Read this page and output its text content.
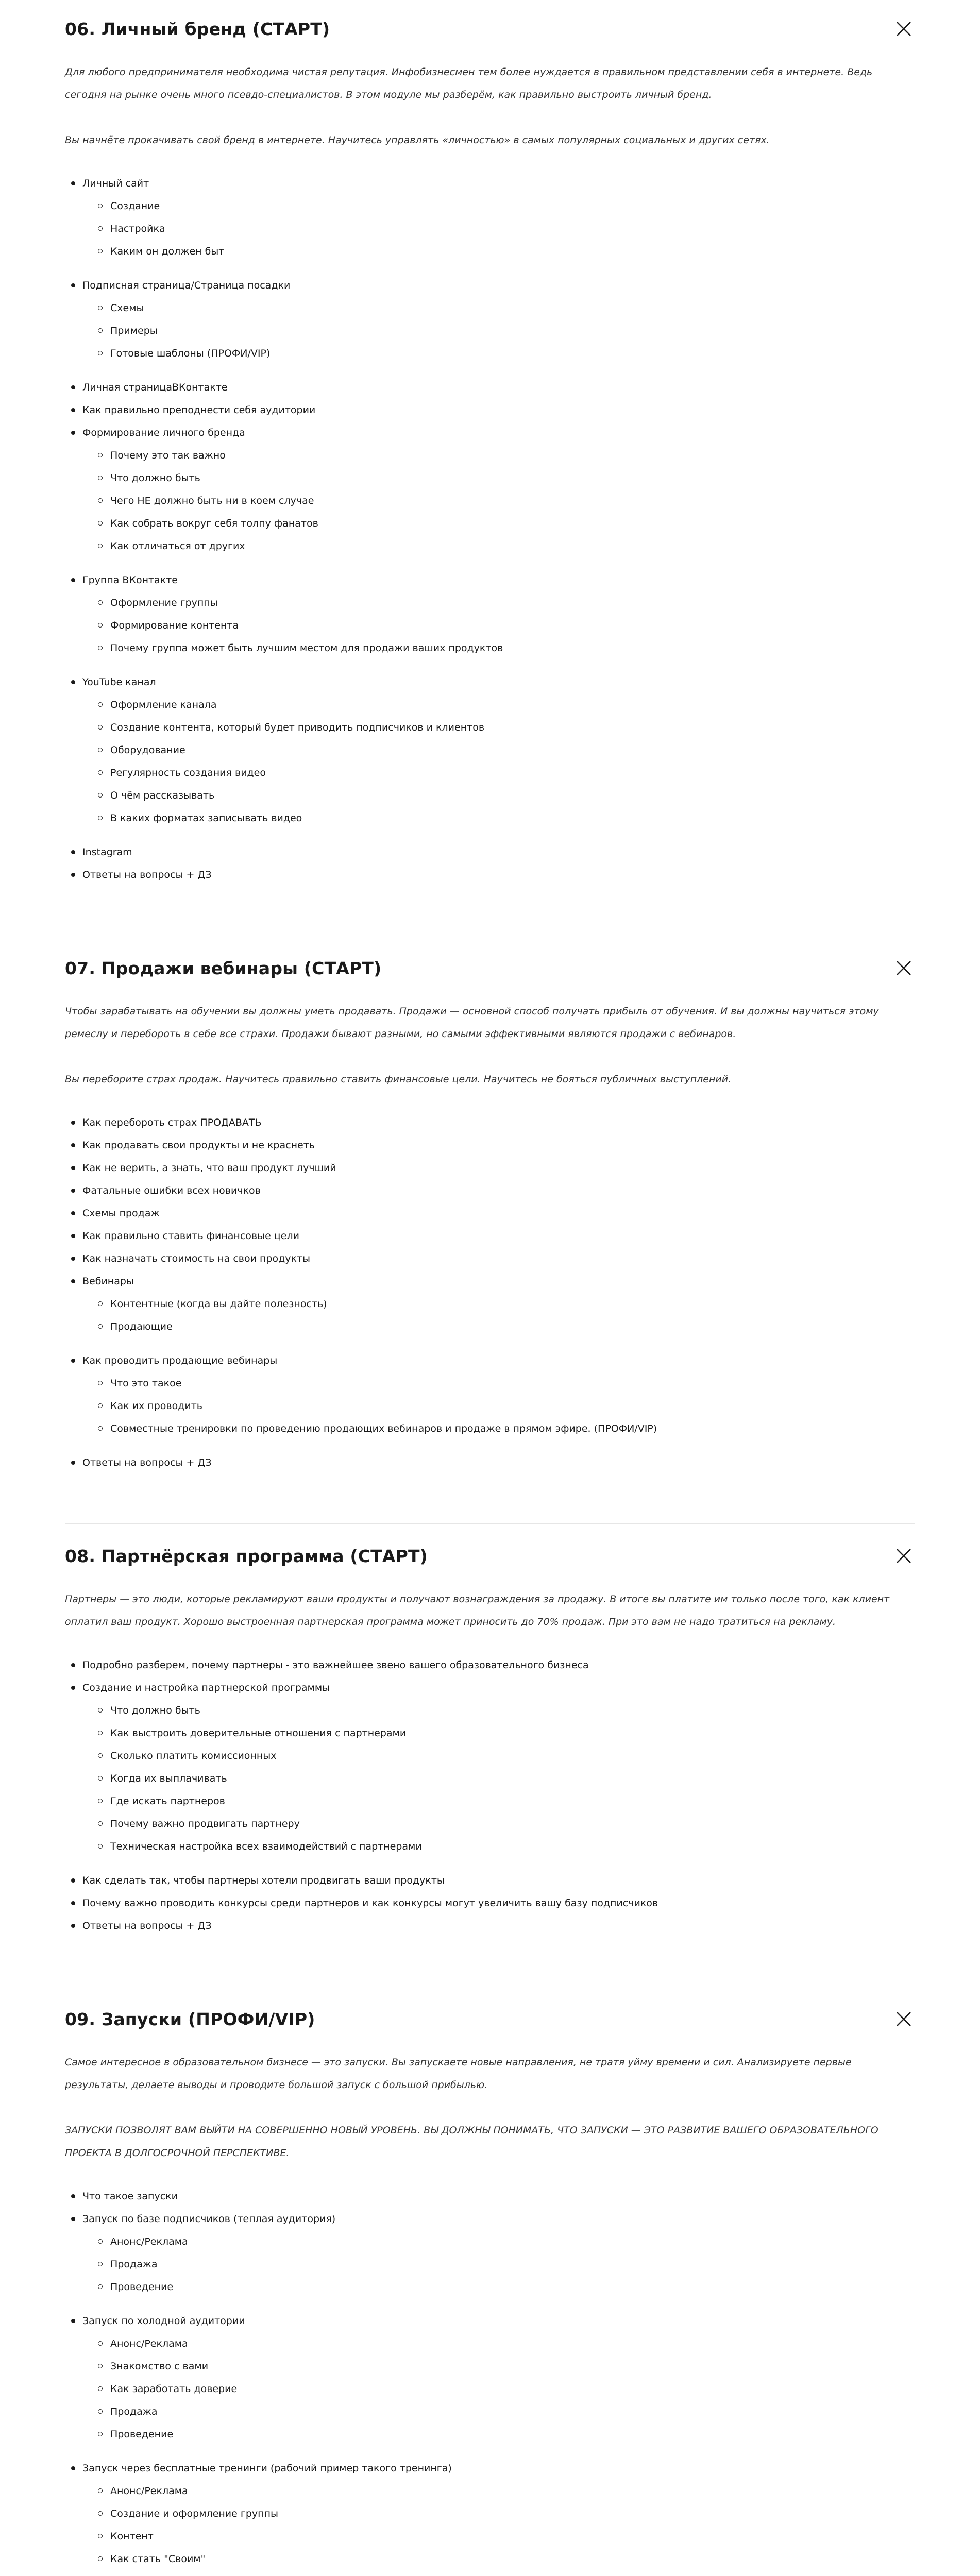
06. Личный бренд (СТАРТ)

Для любого предпринимателя необходима чистая репутация. Инфобизнесмен тем более нуждается в правильном представлении себя в интернете. Ведь сегодня на рынке очень много псевдо-специалистов. В этом модуле мы разберём, как правильно выстроить личный бренд.

Вы начнёте прокачивать свой бренд в интернете. Научитесь управлять «личностью» в самых популярных социальных и других сетях.

Личный сайт
Создание
Настройка
Каким он должен быт
Подписная страница/Страница посадки
Схемы
Примеры
Готовые шаблоны (ПРОФИ/VIP)
Личная страницаВКонтакте
Как правильно преподнести себя аудитории
Формирование личного бренда
Почему это так важно
Что должно быть
Чего НЕ должно быть ни в коем случае
Как собрать вокруг себя толпу фанатов
Как отличаться от других
Группа ВКонтакте
Оформление группы
Формирование контента
Почему группа может быть лучшим местом для продажи ваших продуктов
YouTube канал
Оформление канала
Создание контента, который будет приводить подписчиков и клиентов
Оборудование
Регулярность создания видео
О чём рассказывать
В каких форматах записывать видео
Instagram
Ответы на вопросы + ДЗ
07. Продажи вебинары (СТАРТ)

Чтобы зарабатывать на обучении вы должны уметь продавать. Продажи — основной способ получать прибыль от обучения. И вы должны научиться этому ремеслу и перебороть в себе все страхи. Продажи бывают разными, но самыми эффективными являются продажи с вебинаров.

Вы переборите страх продаж. Научитесь правильно ставить финансовые цели. Научитесь не бояться публичных выступлений.

Как перебороть страх ПРОДАВАТЬ
Как продавать свои продукты и не краснеть
Как не верить, а знать, что ваш продукт лучший
Фатальные ошибки всех новичков
Схемы продаж
Как правильно ставить финансовые цели
Как назначать стоимость на свои продукты
Вебинары
Контентные (когда вы дайте полезность)
Продающие
Как проводить продающие вебинары
Что это такое
Как их проводить
Совместные тренировки по проведению продающих вебинаров и продаже в прямом эфире. (ПРОФИ/VIP)
Ответы на вопросы + ДЗ
08. Партнёрская программа (СТАРТ)

Партнеры — это люди, которые рекламируют ваши продукты и получают вознаграждения за продажу. В итоге вы платите им только после того, как клиент оплатил ваш продукт. Хорошо выстроенная партнерская программа может приносить до 70% продаж. При это вам не надо тратиться на рекламу.

Подробно разберем, почему партнеры - это важнейшее звено вашего образовательного бизнеса
Создание и настройка партнерской программы
Что должно быть
Как выстроить доверительные отношения с партнерами
Сколько платить комиссионных
Когда их выплачивать
Где искать партнеров
Почему важно продвигать партнеру
Техническая настройка всех взаимодействий с партнерами
Как сделать так, чтобы партнеры хотели продвигать ваши продукты
Почему важно проводить конкурсы среди партнеров и как конкурсы могут увеличить вашу базу подписчиков
Ответы на вопросы + ДЗ
09. Запуски (ПРОФИ/VIP)

Самое интересное в образовательном бизнесе — это запуски. Вы запускаете новые направления, не тратя уйму времени и сил. Анализируете первые результаты, делаете выводы и проводите большой запуск с большой прибылью.

ЗАПУСКИ ПОЗВОЛЯТ ВАМ ВЫЙТИ НА СОВЕРШЕННО НОВЫЙ УРОВЕНЬ. ВЫ ДОЛЖНЫ ПОНИМАТЬ, ЧТО ЗАПУСКИ — ЭТО РАЗВИТИЕ ВАШЕГО ОБРАЗОВАТЕЛЬНОГО ПРОЕКТА В ДОЛГОСРОЧНОЙ ПЕРСПЕКТИВЕ.

Что такое запуски
Запуск по базе подписчиков (теплая аудитория)
Анонс/Реклама
Продажа
Проведение
Запуск по холодной аудитории
Анонс/Реклама
Знакомство с вами
Как заработать доверие
Продажа
Проведение
Запуск через бесплатные тренинги (рабочий пример такого тренинга)
Анонс/Реклама
Создание и оформление группы
Контент
Как стать "Своим"
